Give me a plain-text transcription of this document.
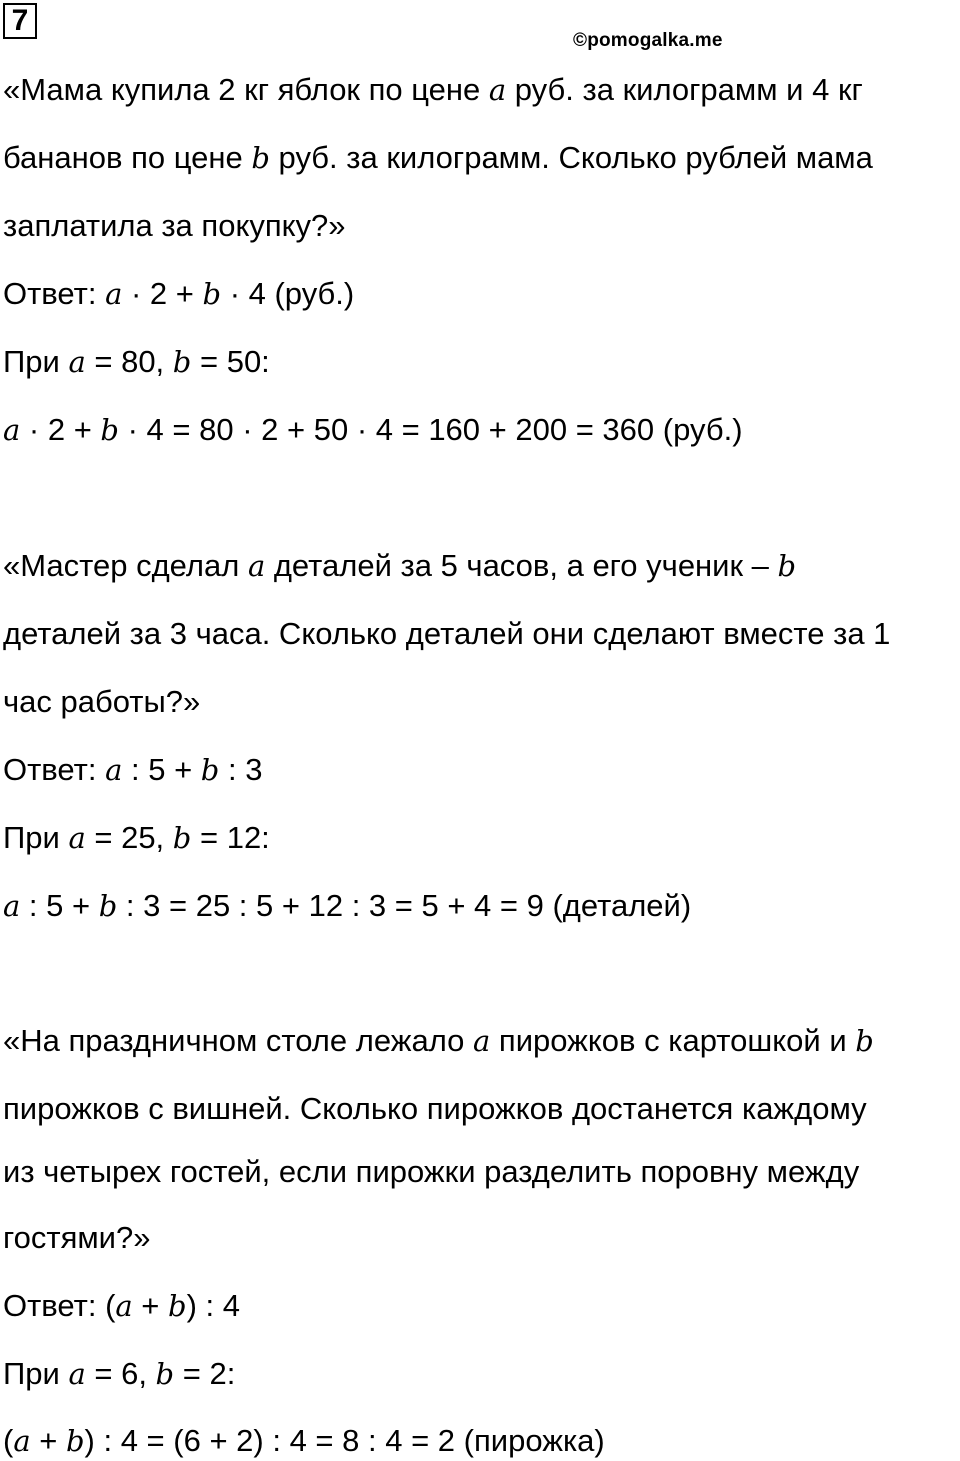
7
©pomogalka.me
«Мама купила 2 кг яблок по цене a руб. за килограмм и 4 кг
бананов по цене b руб. за килограмм. Сколько рублей мама
заплатила за покупку?»
Ответ: a · 2 + b · 4 (руб.)
При a = 80, b = 50:
a · 2 + b · 4 = 80 · 2 + 50 · 4 = 160 + 200 = 360 (руб.)
«Мастер сделал a деталей за 5 часов, а его ученик – b
деталей за 3 часа. Сколько деталей они сделают вместе за 1
час работы?»
Ответ: a : 5 + b : 3
При a = 25, b = 12:
a : 5 + b : 3 = 25 : 5 + 12 : 3 = 5 + 4 = 9 (деталей)
«На праздничном столе лежало a пирожков с картошкой и b
пирожков с вишней. Сколько пирожков достанется каждому
из четырех гостей, если пирожки разделить поровну между
гостями?»
Ответ: (a + b) : 4
При a = 6, b = 2:
(a + b) : 4 = (6 + 2) : 4 = 8 : 4 = 2 (пирожка)
